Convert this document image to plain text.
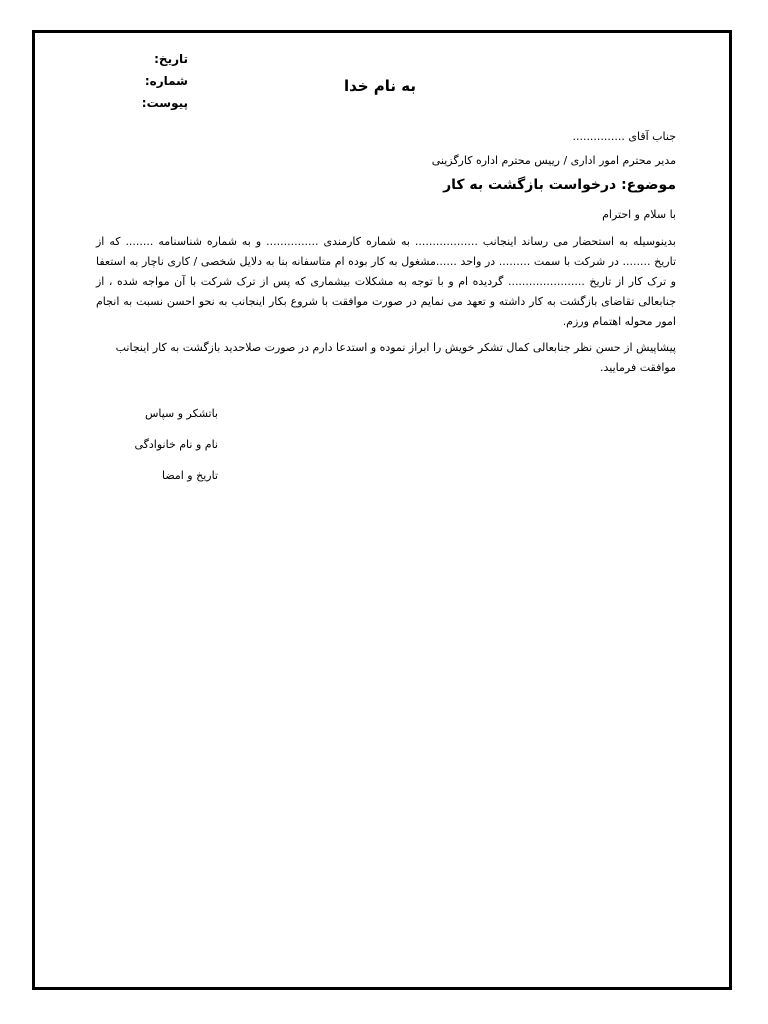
تاریخ:
شماره:
پیوست:
به نام خدا

جناب آقای ...............

مدیر محترم امور اداری / رییس محترم اداره کارگزینی

موضوع: درخواست بازگشت به کار

با سلام و احترام

بدینوسیله به استحضار می رساند اینجانب .................. به شماره کارمندی ............... و به شماره شناسنامه ........ که از تاریخ ........ در شرکت با سمت ......... در واحد ......مشغول به کار بوده ام متاسفانه بنا به دلایل شخصی / کاری ناچار به استعفا و ترک کار از تاریخ ...................... گردیده ام و با توجه به مشکلات بیشماری که پس از ترک شرکت با آن مواجه شده ، از جنابعالی تقاضای بازگشت به کار داشته و تعهد می نمایم در صورت موافقت با شروع بکار اینجانب به نحو احسن نسبت به انجام امور محوله اهتمام ورزم.

پیشاپیش از حسن نظر جنابعالی کمال تشکر خویش را ابراز نموده و استدعا دارم در صورت صلاحدید بازگشت به کار اینجانب موافقت فرمایید.

باتشکر و سپاس
نام و نام خانوادگی
تاریخ و امضا
